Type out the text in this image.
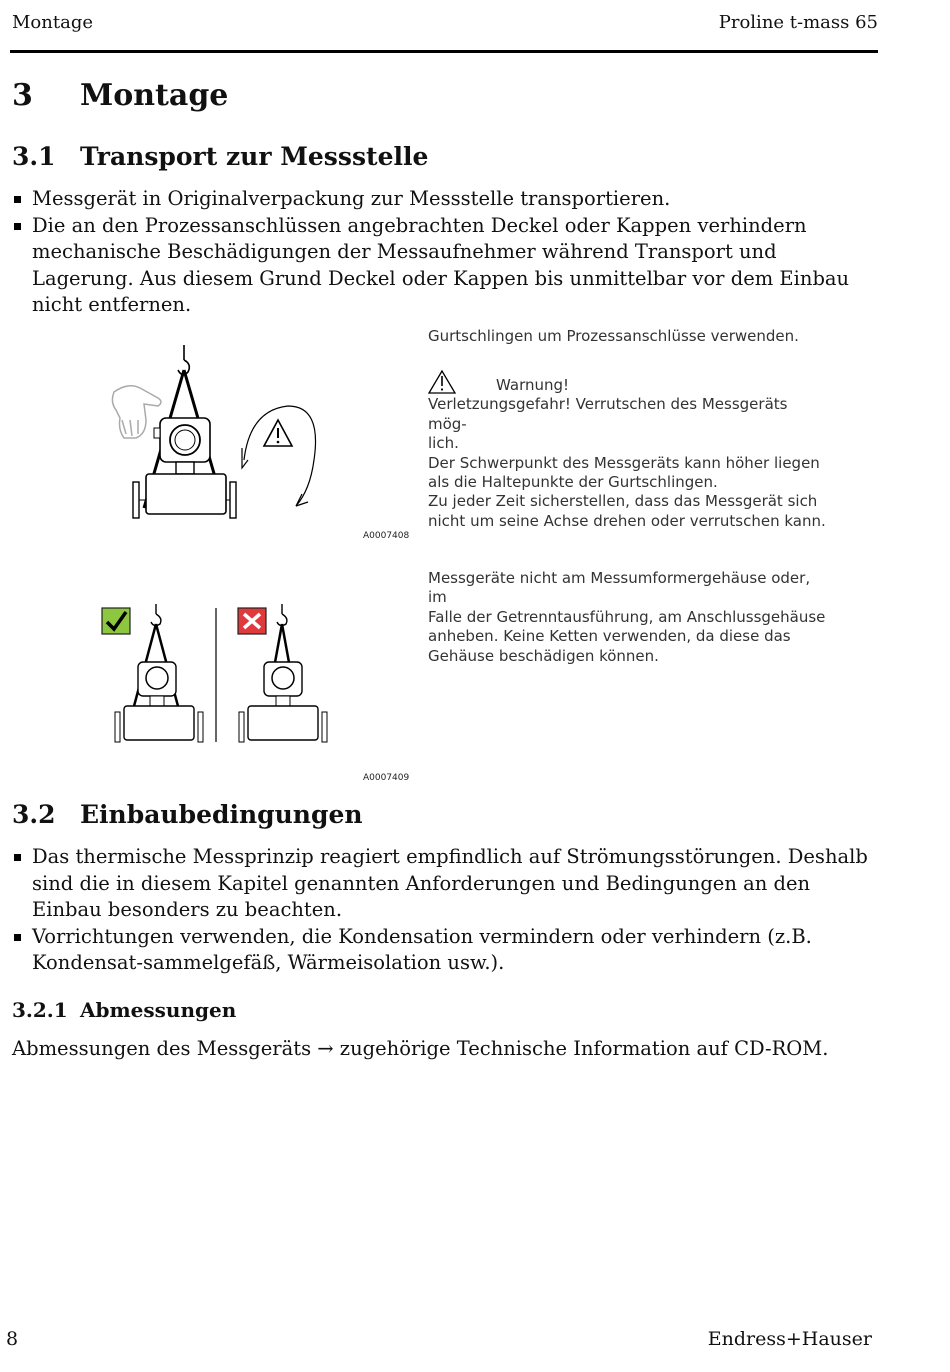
Montage	Proline t-mass 65
3 Montage
3.1 Transport zur Messstelle
Messgerät in Originalverpackung zur Messstelle transportieren.
Die an den Prozessanschlüssen angebrachten Deckel oder Kappen verhindern mechanische Beschädigungen der Messaufnehmer während Transport und Lagerung. Aus diesem Grund Deckel oder Kappen bis unmittelbar vor dem Einbau nicht entfernen.
Gurtschlingen um Prozessanschlüsse verwenden.
Warnung!
Verletzungsgefahr! Verrutschen des Messgeräts mög-
lich.
Der Schwerpunkt des Messgeräts kann höher liegen
als die Haltepunkte der Gurtschlingen.
Zu jeder Zeit sicherstellen, dass das Messgerät sich
nicht um seine Achse drehen oder verrutschen kann.
A0007408
Messgeräte nicht am Messumformergehäuse oder, im
Falle der Getrenntausführung, am Anschlussgehäuse
anheben. Keine Ketten verwenden, da diese das
Gehäuse beschädigen können.
A0007409
3.2 Einbaubedingungen
Das thermische Messprinzip reagiert empfindlich auf Strömungsstörungen. Deshalb sind die in diesem Kapitel genannten Anforderungen und Bedingungen an den Einbau besonders zu beachten.
Vorrichtungen verwenden, die Kondensation vermindern oder verhindern (z.B. Kondensat-sammelgefäß, Wärmeisolation usw.).
3.2.1 Abmessungen
Abmessungen des Messgeräts → zugehörige Technische Information auf CD-ROM.
8	Endress+Hauser
